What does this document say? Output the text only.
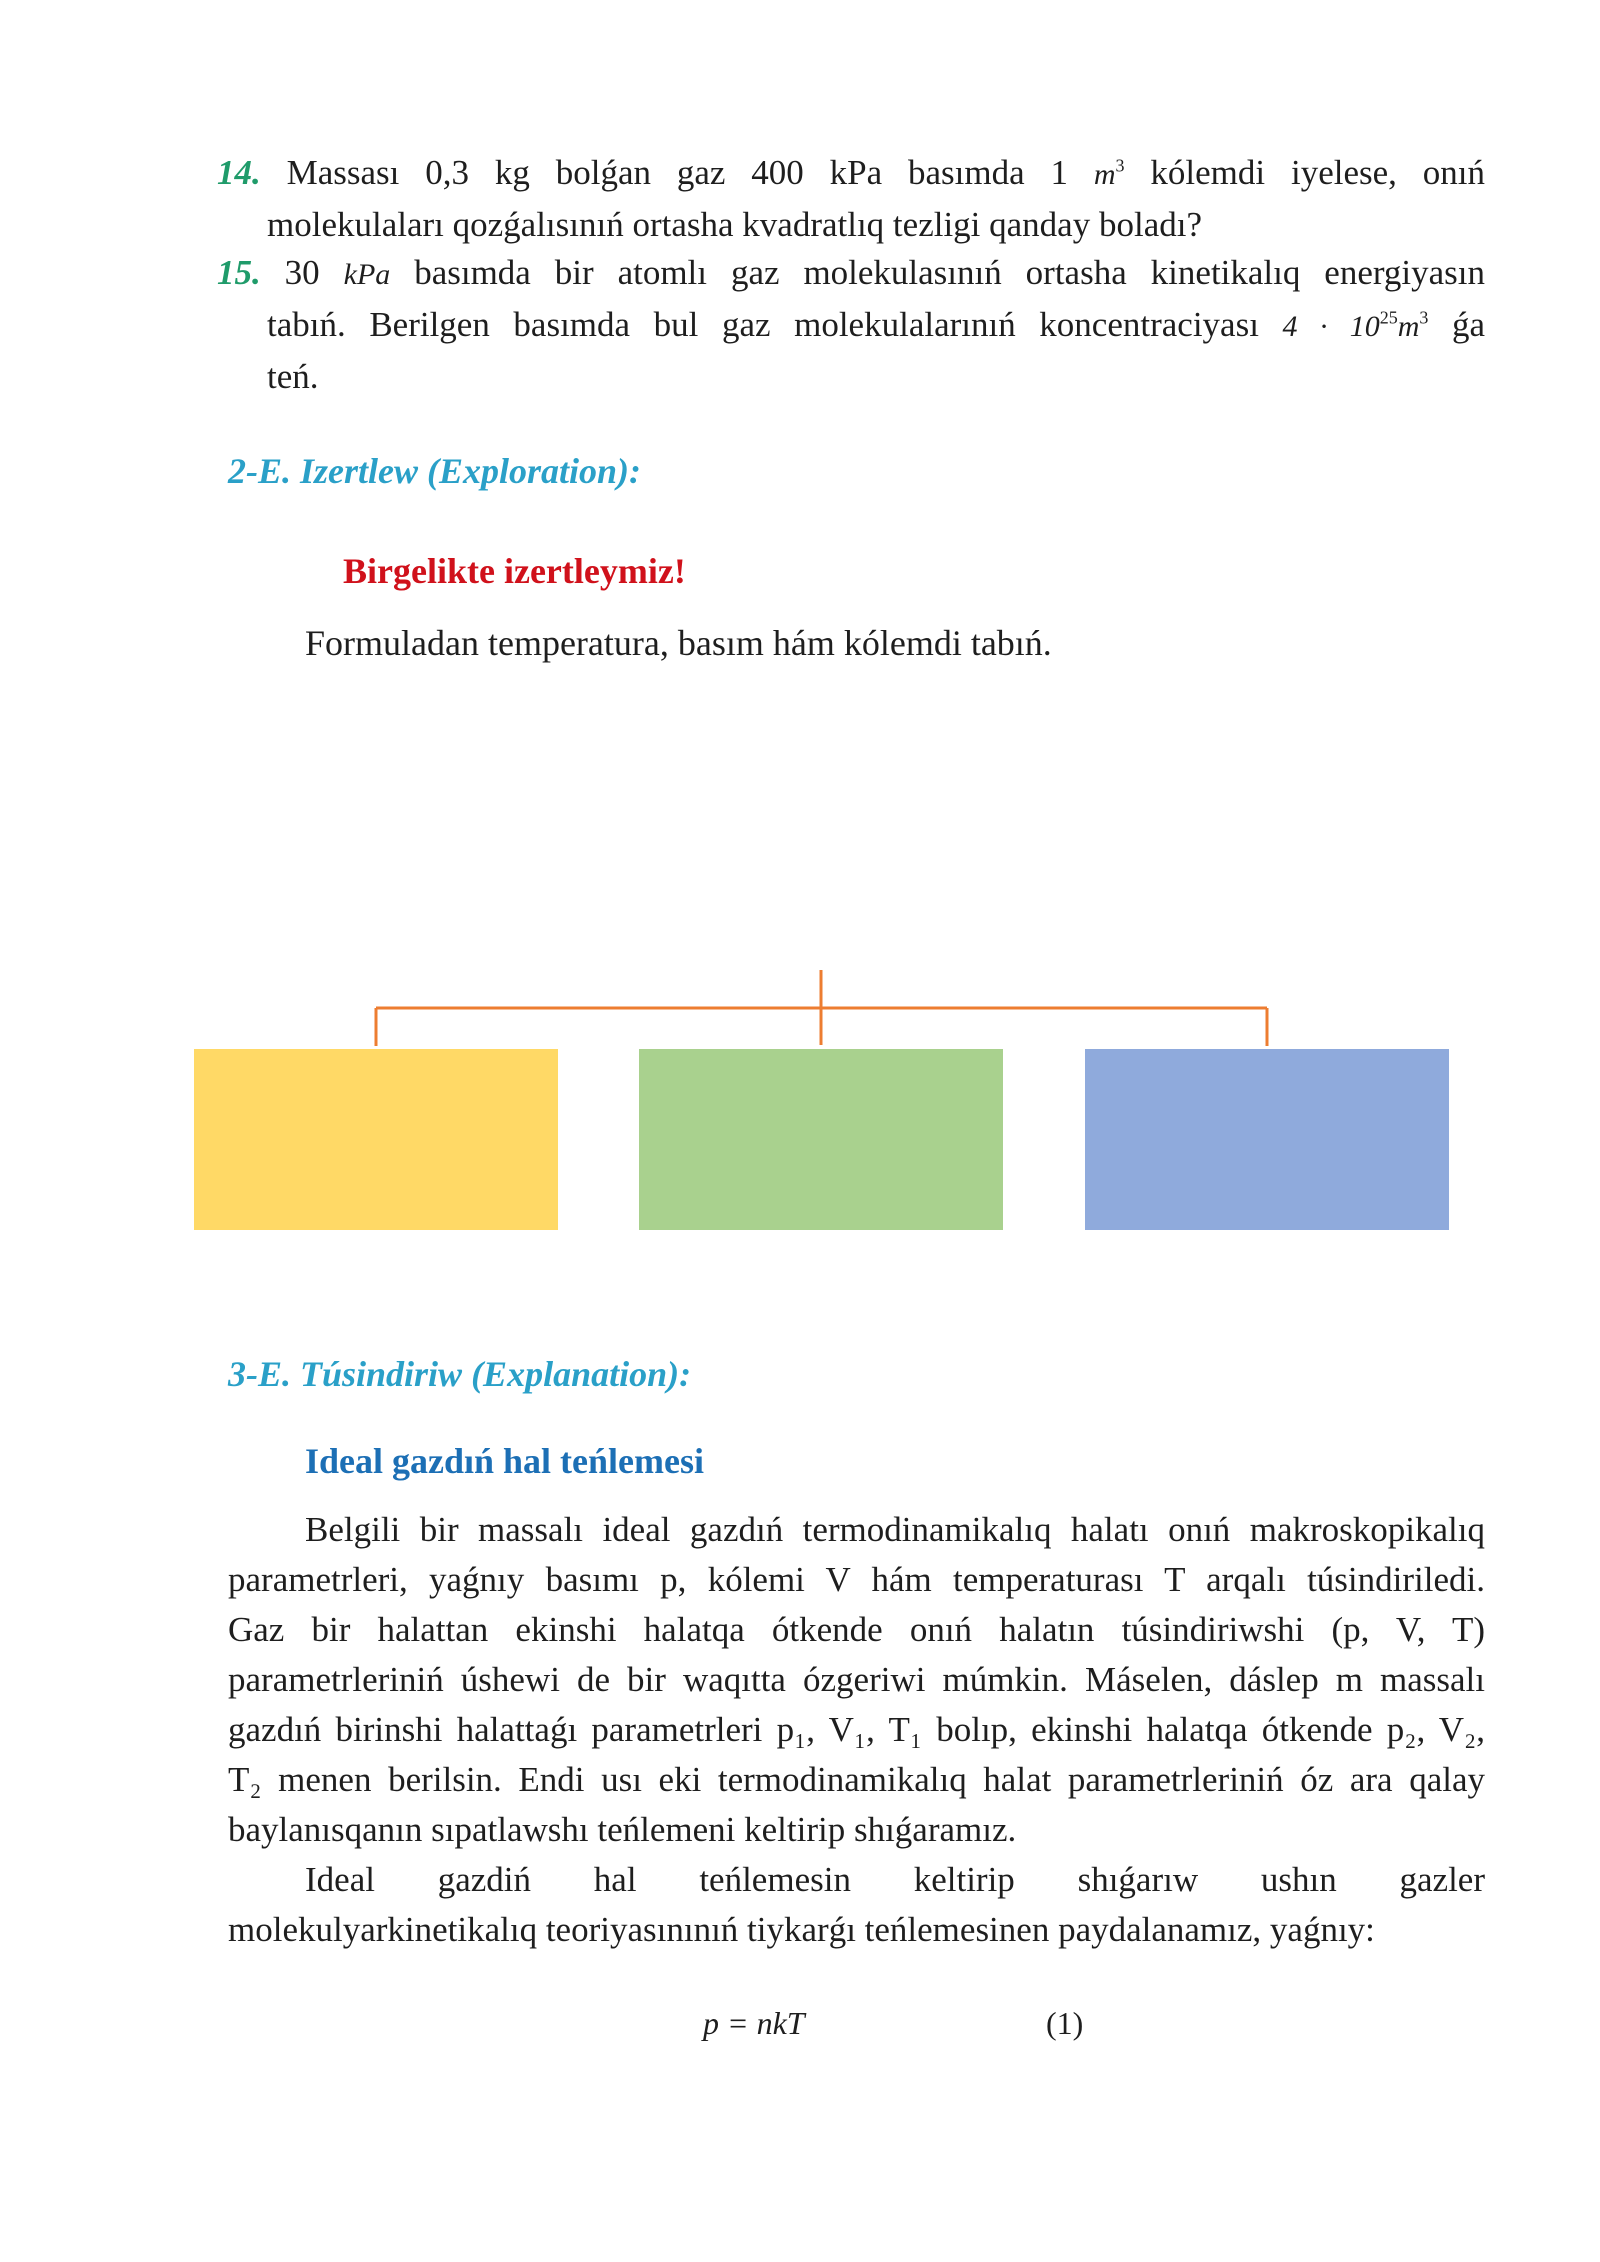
14. Massası 0,3 kg bolǵan gaz 400 kPa basımda 1 $m^3$ kólemdi iyelese, onıń

molekulaları qozǵalısınıń ortasha kvadratlıq tezligi qanday boladı?

15. 30 kPa basımda bir atomlı gaz molekulasınıń ortasha kinetikalıq energiyasın

tabıń. Berilgen basımda bul gaz molekulalarınıń koncentraciyası $4 \cdot 10^{25}m^3$ ǵa

teń.

2-E. Izertlew (Exploration):
Birgelikte izertleymiz!
Formuladan temperatura, basım hám kólemdi tabıń.
3-E. Túsindiriw (Explanation):
Ideal gazdıń hal teńlemesi

Belgili bir massalı ideal gazdıń termodinamikalıq halatı onıń makroskopikalıq

parametrleri, yaǵnıy basımı p, kólemi V hám temperaturası T arqalı túsindiriledi.

Gaz bir halattan ekinshi halatqa ótkende onıń halatın túsindiriwshi (p, V, T)

parametrleriniń úshewi de bir waqıtta ózgeriwi múmkin. Máselen, dáslep m massalı

gazdıń birinshi halattaǵı parametrleri p₁, V₁, T₁ bolıp, ekinshi halatqa ótkende p₂, V₂,

T₂ menen berilsin. Endi usı eki termodinamikalıq halat parametrleriniń óz ara qalay

baylanısqanın sıpatlawshı teńlemeni keltirip shıǵaramız.

Ideal gazdiń hal teńlemesin keltirip shıǵarıw ushın gazler

molekulyarkinetikalıq teoriyasınınıń tiykarǵı teńlemesinen paydalanamız, yaǵnıy:

p = nkT	(1)
